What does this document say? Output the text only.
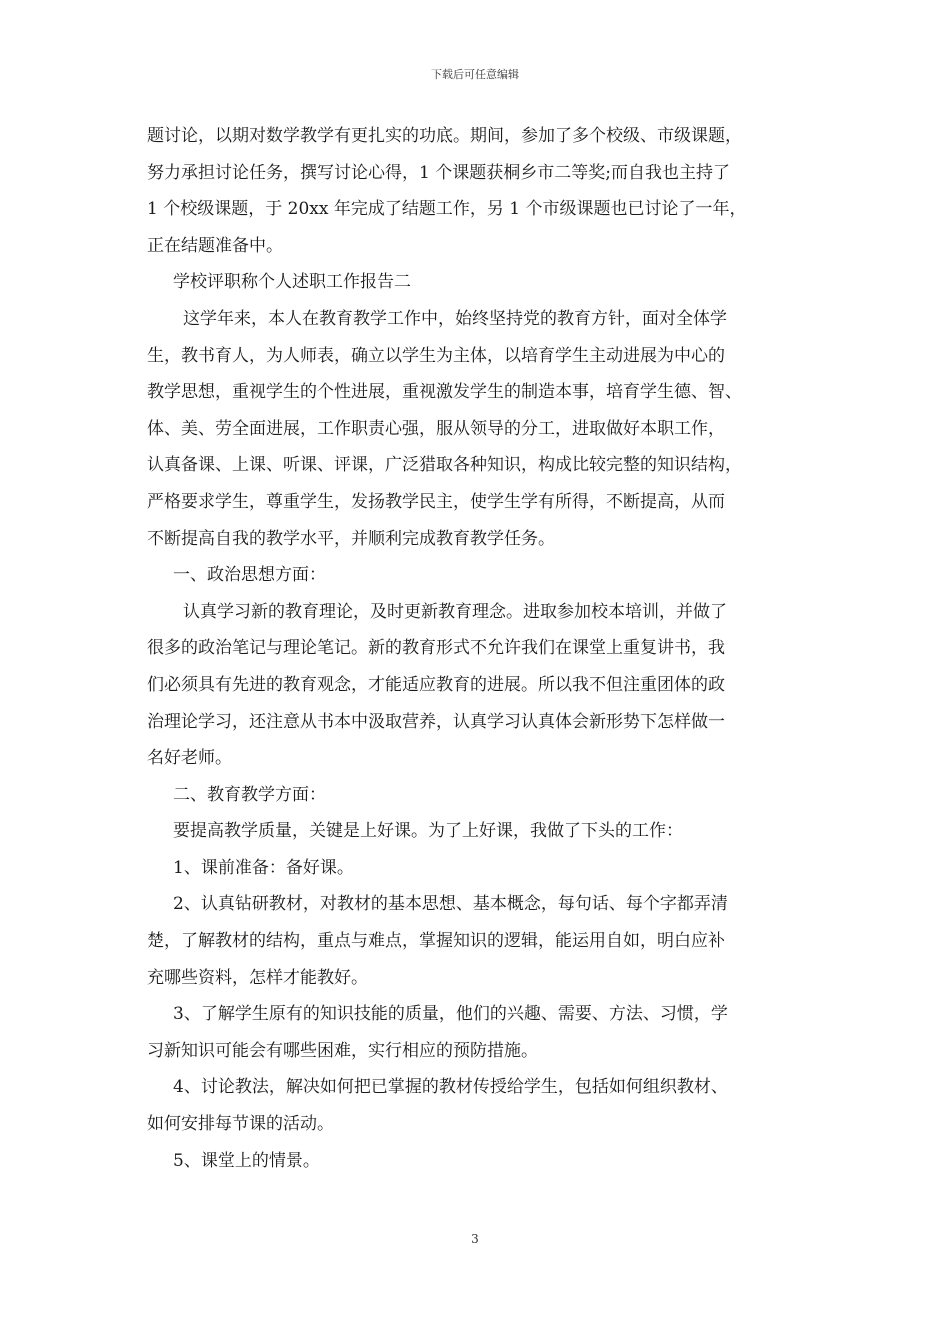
下载后可任意编辑
题讨论，以期对数学教学有更扎实的功底。期间，参加了多个校级、市级课题，
努力承担讨论任务，撰写讨论心得，1 个课题获桐乡市二等奖;而自我也主持了
1 个校级课题，于 20xx 年完成了结题工作，另 1 个市级课题也已讨论了一年，
正在结题准备中。
学校评职称个人述职工作报告二
这学年来，本人在教育教学工作中，始终坚持党的教育方针，面对全体学
生，教书育人，为人师表，确立以学生为主体，以培育学生主动进展为中心的
教学思想，重视学生的个性进展，重视激发学生的制造本事，培育学生德、智、
体、美、劳全面进展，工作职责心强，服从领导的分工，进取做好本职工作，
认真备课、上课、听课、评课，广泛猎取各种知识，构成比较完整的知识结构，
严格要求学生，尊重学生，发扬教学民主，使学生学有所得，不断提高，从而
不断提高自我的教学水平，并顺利完成教育教学任务。
一、政治思想方面：
认真学习新的教育理论，及时更新教育理念。进取参加校本培训，并做了
很多的政治笔记与理论笔记。新的教育形式不允许我们在课堂上重复讲书，我
们必须具有先进的教育观念，才能适应教育的进展。所以我不但注重团体的政
治理论学习，还注意从书本中汲取营养，认真学习认真体会新形势下怎样做一
名好老师。
二、教育教学方面：
要提高教学质量，关键是上好课。为了上好课，我做了下头的工作：
1、课前准备：备好课。
2、认真钻研教材，对教材的基本思想、基本概念，每句话、每个字都弄清
楚，了解教材的结构，重点与难点，掌握知识的逻辑，能运用自如，明白应补
充哪些资料，怎样才能教好。
3、了解学生原有的知识技能的质量，他们的兴趣、需要、方法、习惯，学
习新知识可能会有哪些困难，实行相应的预防措施。
4、讨论教法，解决如何把已掌握的教材传授给学生，包括如何组织教材、
如何安排每节课的活动。
5、课堂上的情景。
3
